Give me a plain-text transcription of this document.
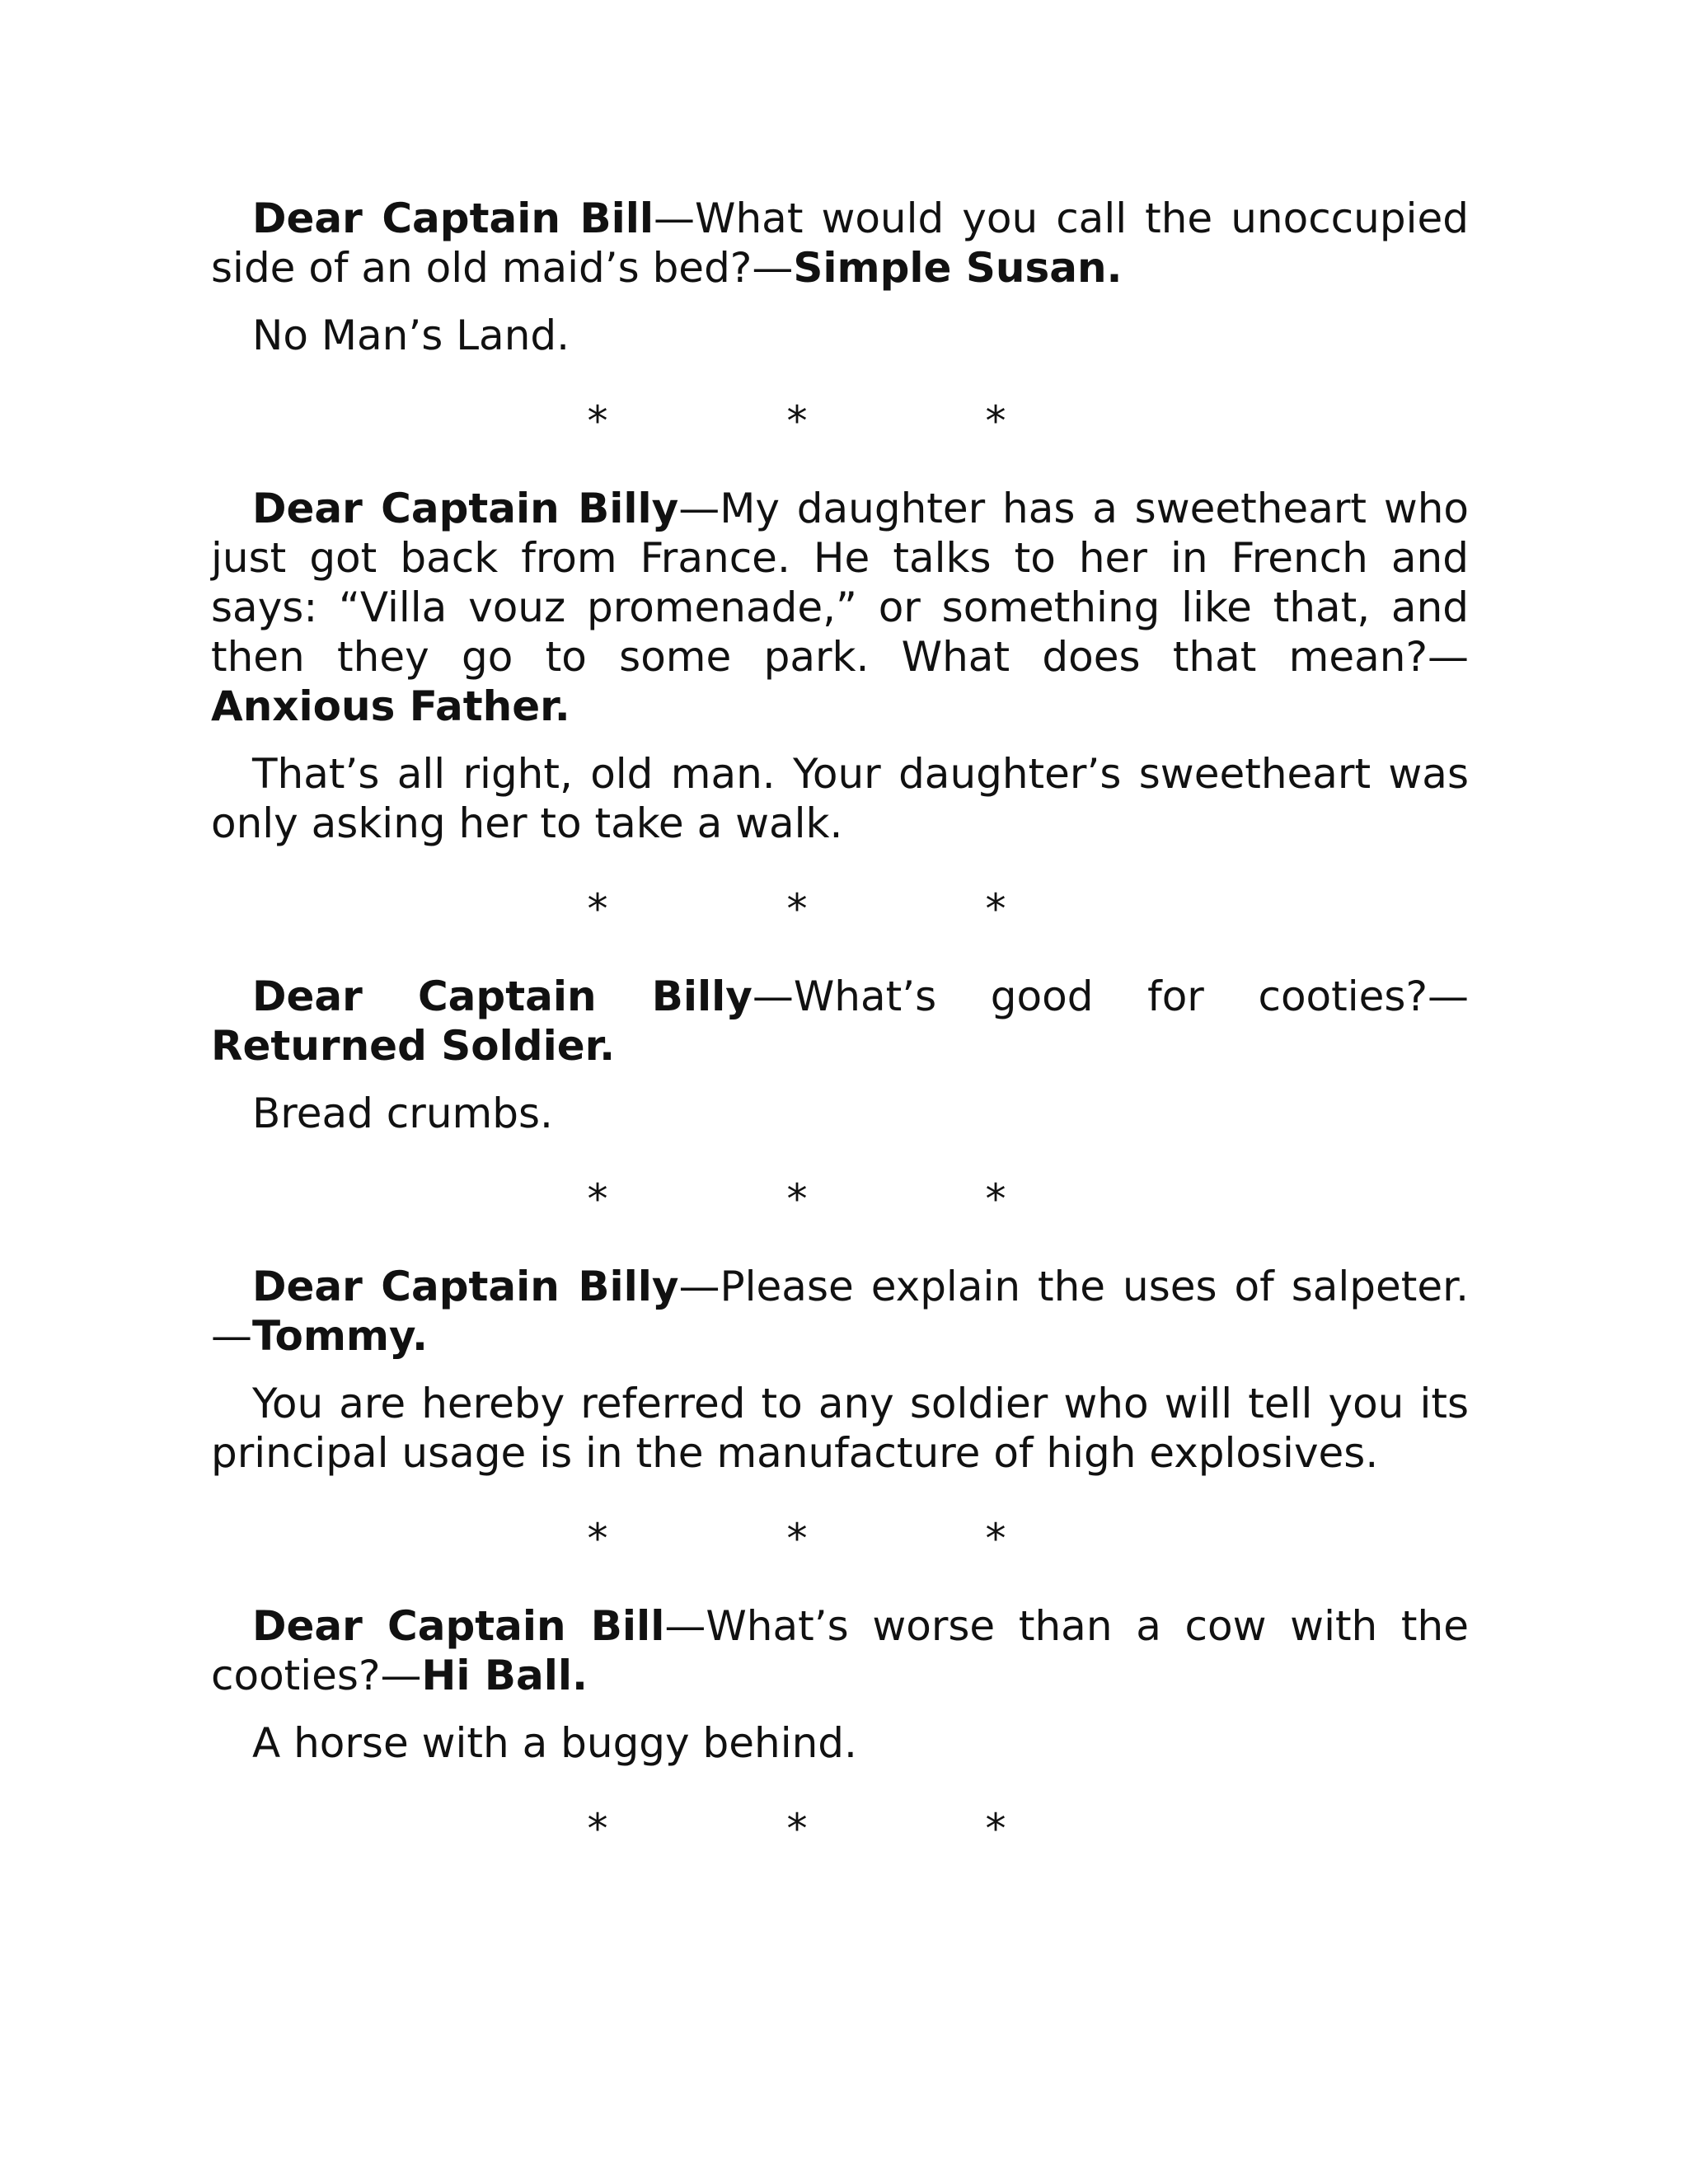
Dear Captain Bill—What would you call the unoccupied side of an old maid’s bed?—Simple Susan.

No Man’s Land.

*	*	*

Dear Captain Billy—My daughter has a sweetheart who just got back from France. He talks to her in French and says: “Villa vouz promenade,” or something like that, and then they go to some park. What does that mean?—Anxious Father.

That’s all right, old man. Your daughter’s sweetheart was only asking her to take a walk.

*	*	*

Dear Captain Billy—What’s good for cooties?—Returned Soldier.

Bread crumbs.

*	*	*

Dear Captain Billy—Please explain the uses of salpeter.—Tommy.

You are hereby referred to any soldier who will tell you its principal usage is in the manufacture of high explosives.

*	*	*

Dear Captain Bill—What’s worse than a cow with the cooties?—Hi Ball.

A horse with a buggy behind.

*	*	*
